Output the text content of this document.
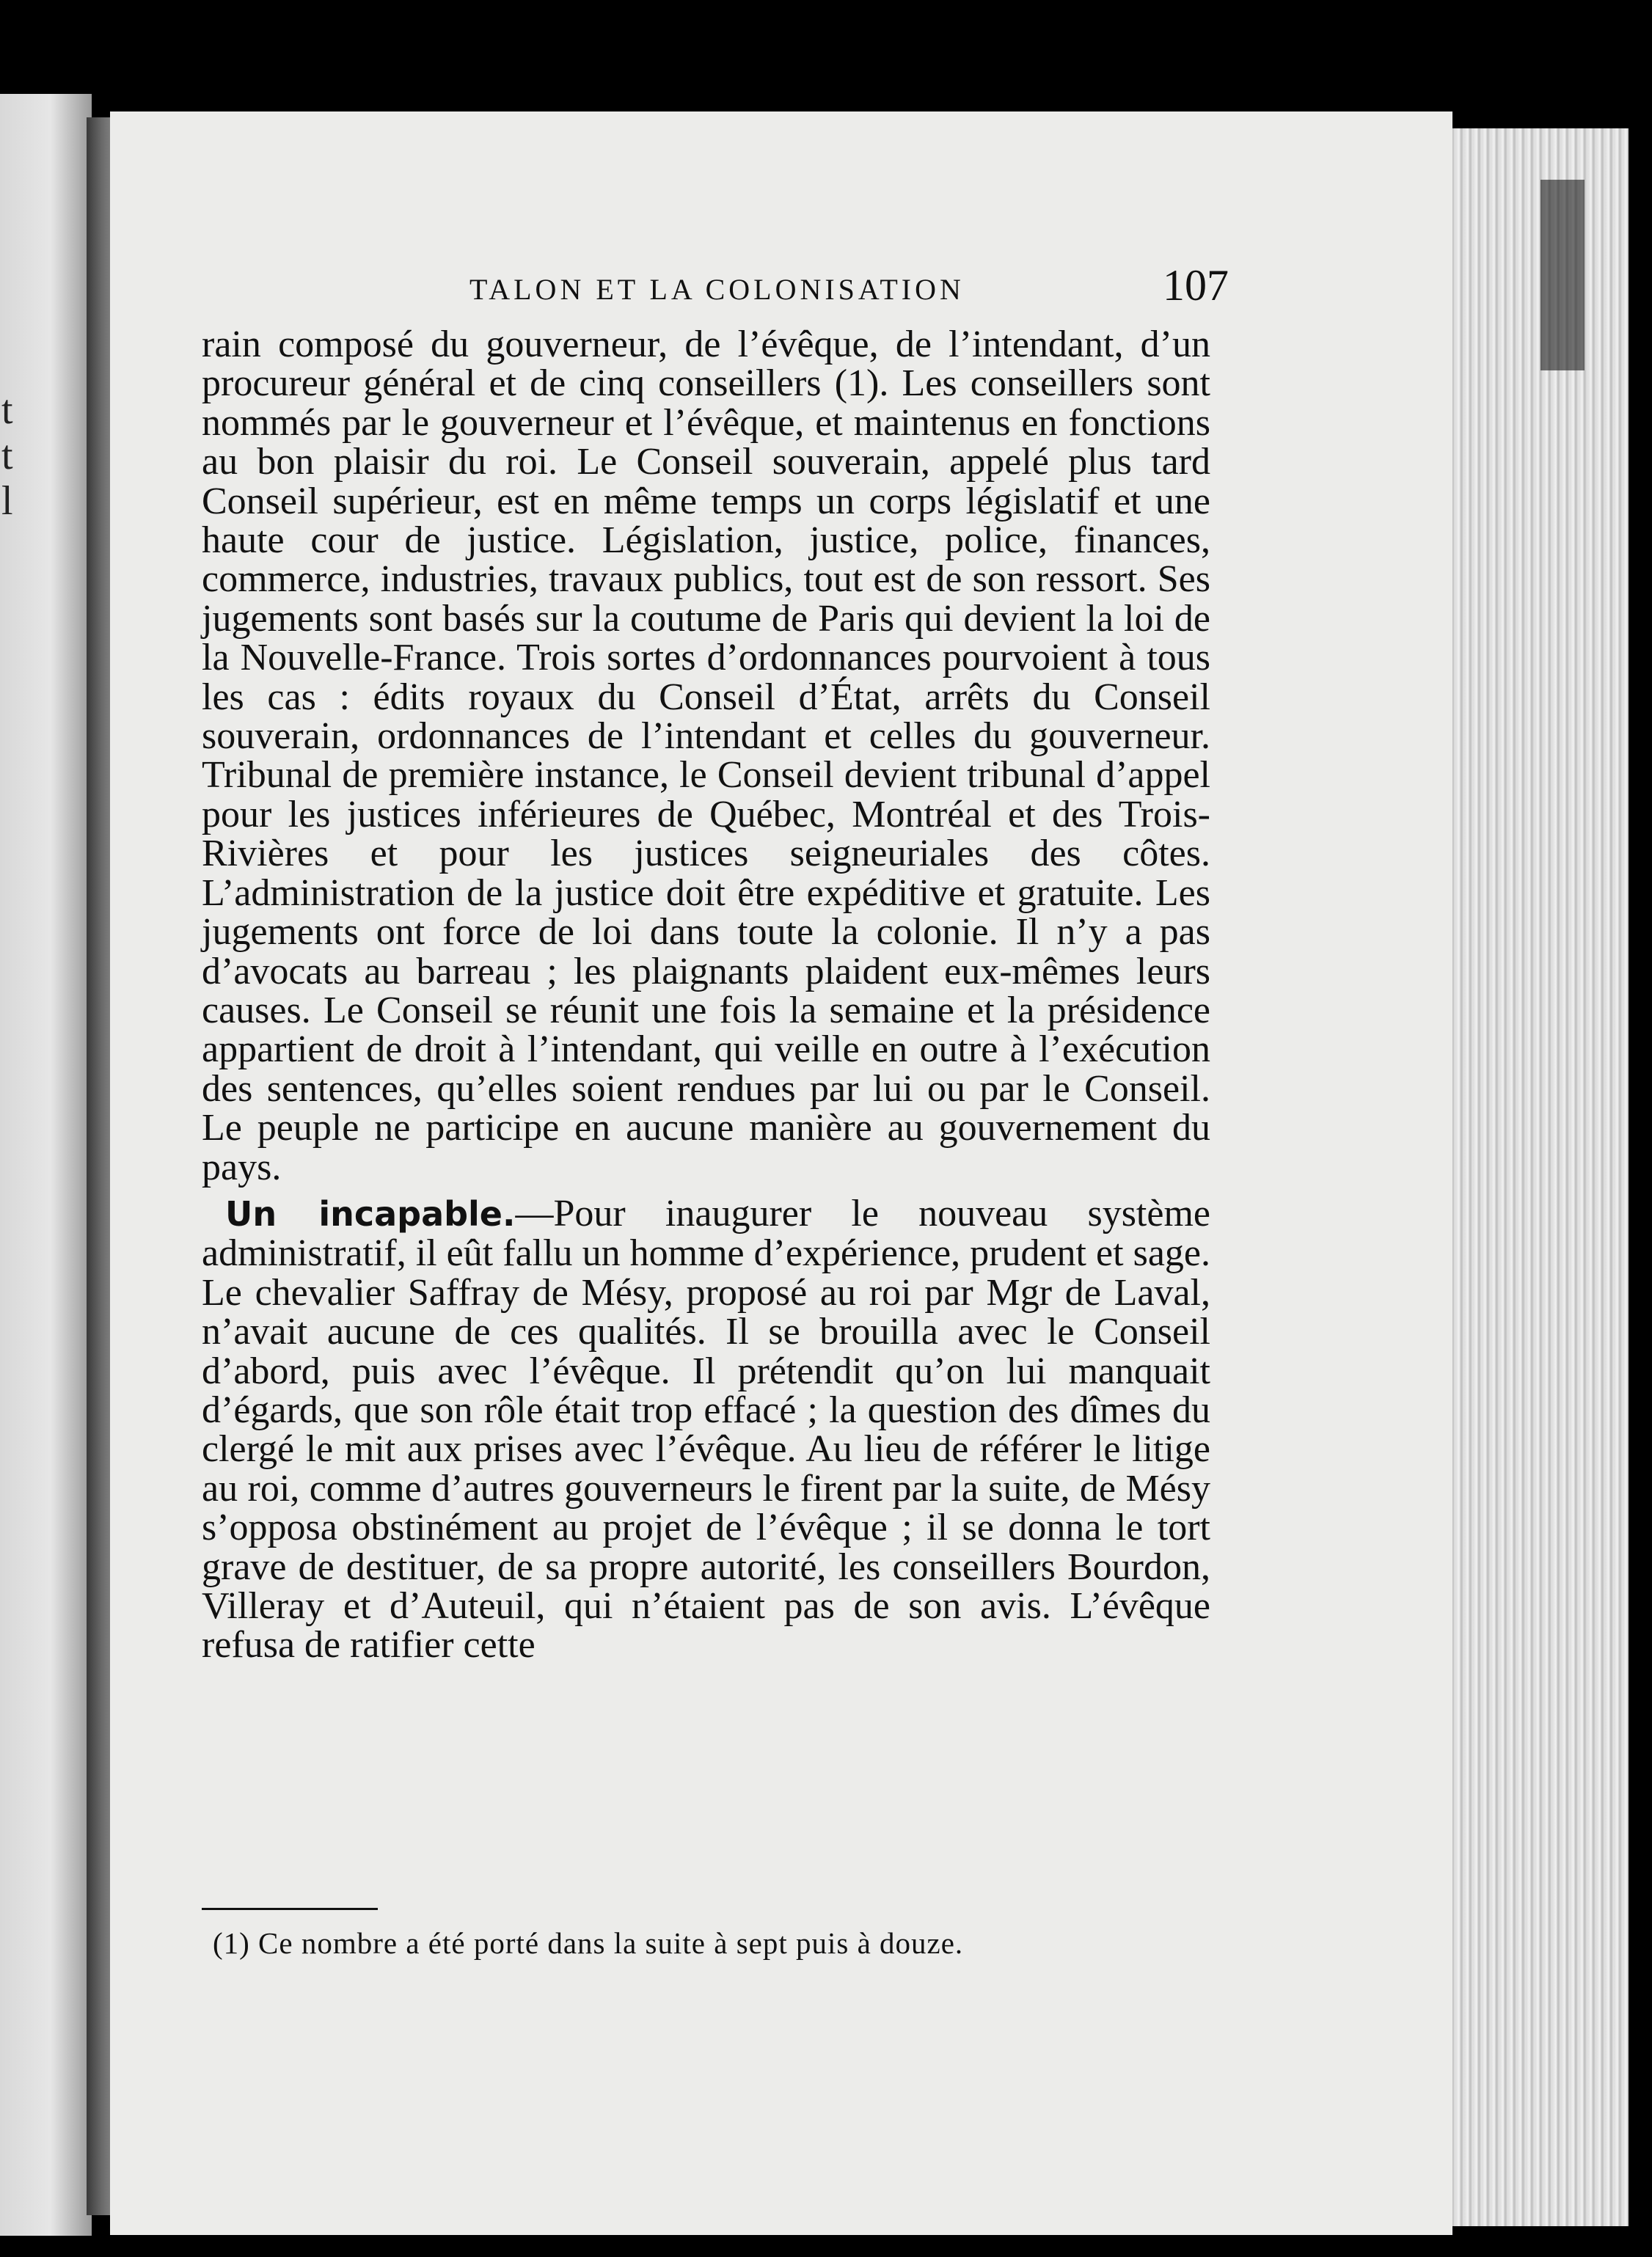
t
t
l
TALON ET LA COLONISATION	107

rain composé du gouverneur, de l’évêque, de l’intendant, d’un procureur général et de cinq conseillers (1). Les conseillers sont nommés par le gouverneur et l’évêque, et maintenus en fonctions au bon plaisir du roi. Le Conseil souverain, appelé plus tard Conseil supérieur, est en même temps un corps législatif et une haute cour de justice. Législation, justice, police, finances, commerce, industries, travaux publics, tout est de son ressort. Ses jugements sont basés sur la coutume de Paris qui devient la loi de la Nouvelle-France. Trois sortes d’ordonnances pourvoient à tous les cas : édits royaux du Conseil d’État, arrêts du Conseil souverain, ordonnances de l’intendant et celles du gouverneur. Tribunal de première instance, le Conseil devient tribunal d’appel pour les justices inférieures de Québec, Montréal et des Trois-Rivières et pour les justices seigneuriales des côtes. L’administration de la justice doit être expéditive et gratuite. Les jugements ont force de loi dans toute la colonie. Il n’y a pas d’avocats au barreau ; les plaignants plaident eux-mêmes leurs causes. Le Conseil se réunit une fois la semaine et la présidence appartient de droit à l’intendant, qui veille en outre à l’exécution des sentences, qu’elles soient rendues par lui ou par le Conseil. Le peuple ne participe en aucune manière au gouvernement du pays.

Un incapable.—Pour inaugurer le nouveau système administratif, il eût fallu un homme d’expérience, prudent et sage. Le chevalier Saffray de Mésy, proposé au roi par Mgr de Laval, n’avait aucune de ces qualités. Il se brouilla avec le Conseil d’abord, puis avec l’évêque. Il prétendit qu’on lui manquait d’égards, que son rôle était trop effacé ; la question des dîmes du clergé le mit aux prises avec l’évêque. Au lieu de référer le litige au roi, comme d’autres gouverneurs le firent par la suite, de Mésy s’opposa obstinément au projet de l’évêque ; il se donna le tort grave de destituer, de sa propre autorité, les conseillers Bourdon, Villeray et d’Auteuil, qui n’étaient pas de son avis. L’évêque refusa de ratifier cette

(1) Ce nombre a été porté dans la suite à sept puis à douze.
